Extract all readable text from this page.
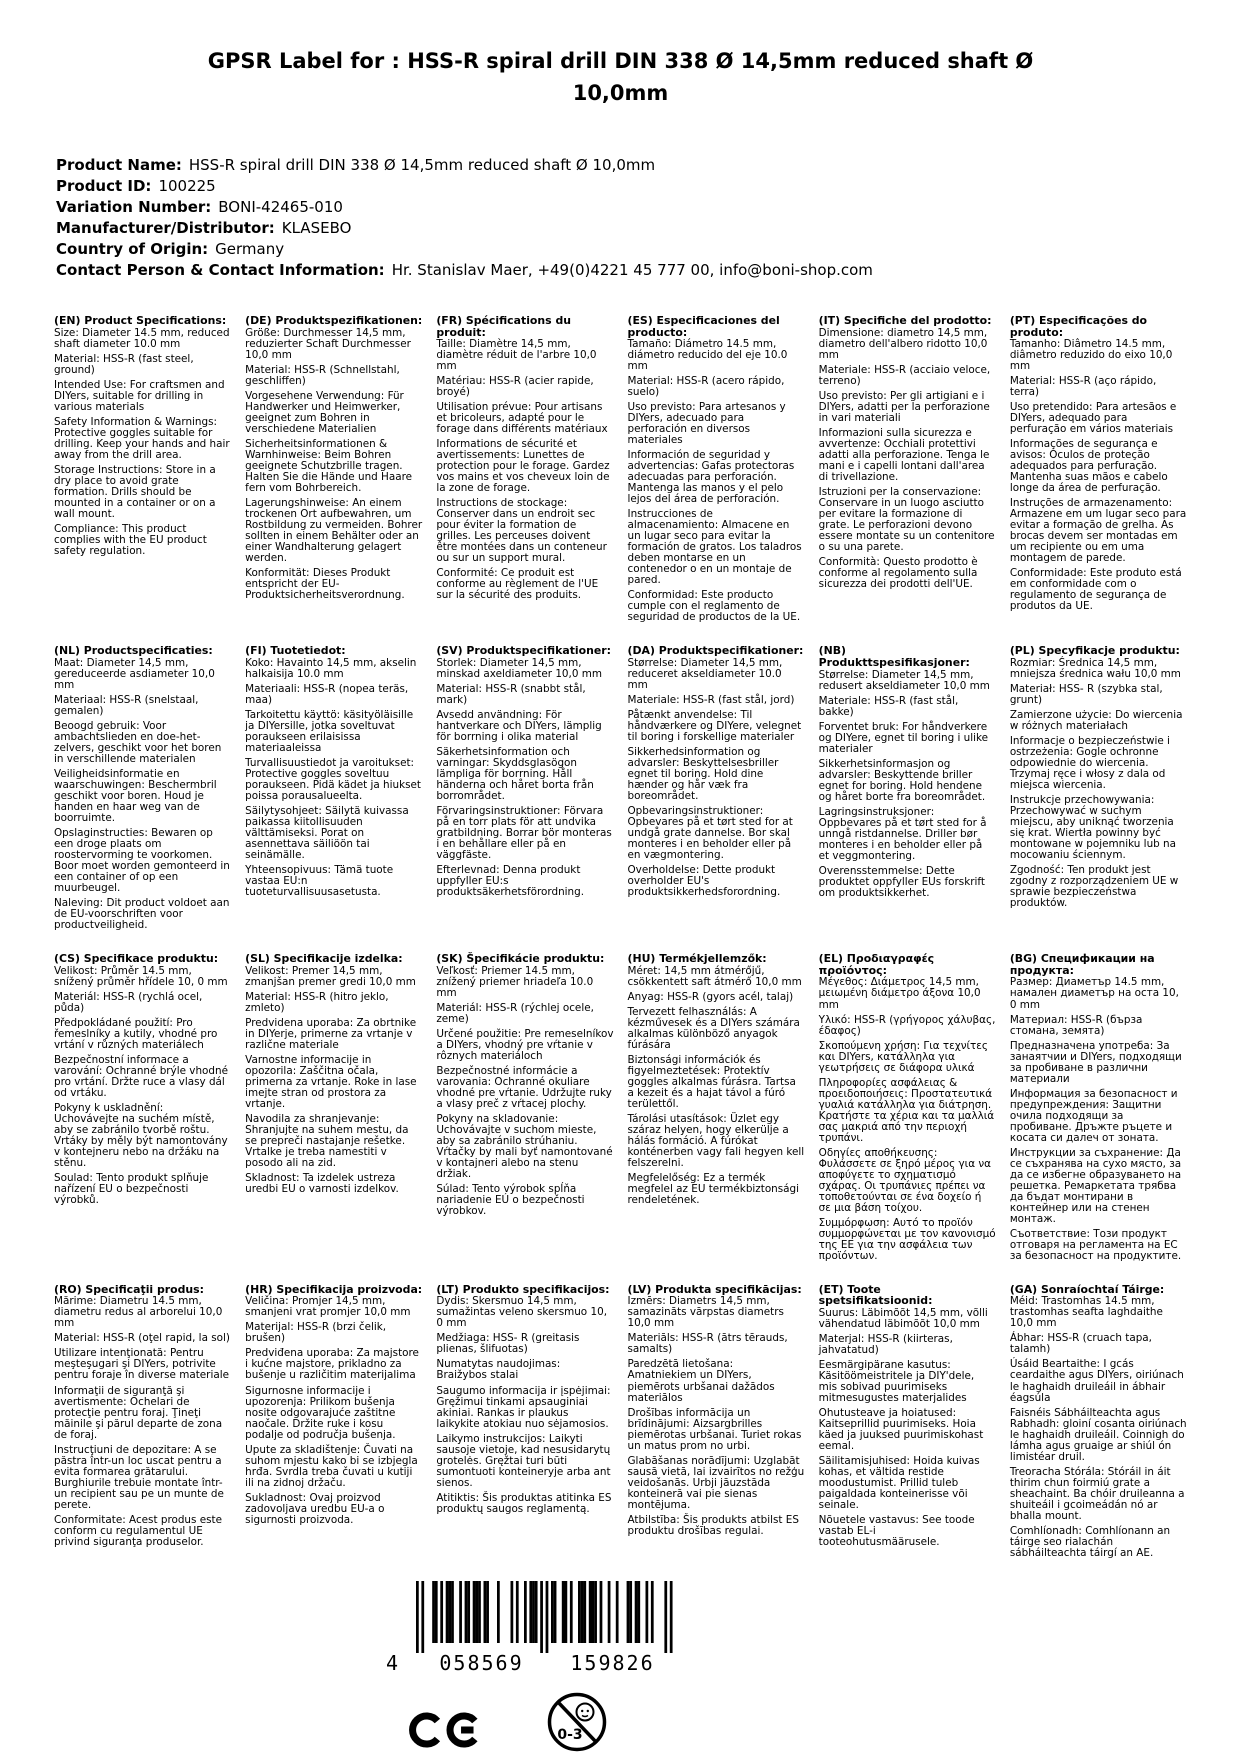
GPSR Label for : HSS-R spiral drill DIN 338 Ø 14,5mm reduced shaft Ø 10,0mm
Product Name: HSS-R spiral drill DIN 338 Ø 14,5mm reduced shaft Ø 10,0mm
Product ID: 100225
Variation Number: BONI-42465-010
Manufacturer/Distributor: KLASEBO
Country of Origin: Germany
Contact Person & Contact Information: Hr. Stanislav Maer, +49(0)4221 45 777 00, info@boni-shop.com
(EN) Product Specifications:

Size: Diameter 14.5 mm, reduced shaft diameter 10.0 mm

Material: HSS-R (fast steel, ground)

Intended Use: For craftsmen and DIYers, suitable for drilling in various materials

Safety Information & Warnings: Protective goggles suitable for drilling. Keep your hands and hair away from the drill area.

Storage Instructions: Store in a dry place to avoid grate formation. Drills should be mounted in a container or on a wall mount.

Compliance: This product complies with the EU product safety regulation.

(DE) Produktspezifikationen:

Größe: Durchmesser 14,5 mm, reduzierter Schaft Durchmesser 10,0 mm

Material: HSS-R (Schnellstahl, geschliffen)

Vorgesehene Verwendung: Für Handwerker und Heimwerker, geeignet zum Bohren in verschiedene Materialien

Sicherheitsinformationen & Warnhinweise: Beim Bohren geeignete Schutzbrille tragen. Halten Sie die Hände und Haare fern vom Bohrbereich.

Lagerungshinweise: An einem trockenen Ort aufbewahren, um Rostbildung zu vermeiden. Bohrer sollten in einem Behälter oder an einer Wandhalterung gelagert werden.

Konformität: Dieses Produkt entspricht der EU-Produktsicherheitsverordnung.

(FR) Spécifications du produit:

Taille: Diamètre 14,5 mm, diamètre réduit de l'arbre 10,0 mm

Matériau: HSS-R (acier rapide, broyé)

Utilisation prévue: Pour artisans et bricoleurs, adapté pour le forage dans différents matériaux

Informations de sécurité et avertissements: Lunettes de protection pour le forage. Gardez vos mains et vos cheveux loin de la zone de forage.

Instructions de stockage: Conserver dans un endroit sec pour éviter la formation de grilles. Les perceuses doivent être montées dans un conteneur ou sur un support mural.

Conformité: Ce produit est conforme au règlement de l'UE sur la sécurité des produits.

(ES) Especificaciones del producto:

Tamaño: Diámetro 14.5 mm, diámetro reducido del eje 10.0 mm

Material: HSS-R (acero rápido, suelo)

Uso previsto: Para artesanos y DIYers, adecuado para perforación en diversos materiales

Información de seguridad y advertencias: Gafas protectoras adecuadas para perforación. Mantenga las manos y el pelo lejos del área de perforación.

Instrucciones de almacenamiento: Almacene en un lugar seco para evitar la formación de gratos. Los taladros deben montarse en un contenedor o en un montaje de pared.

Conformidad: Este producto cumple con el reglamento de seguridad de productos de la UE.

(IT) Specifiche del prodotto:

Dimensione: diametro 14,5 mm, diametro dell'albero ridotto 10,0 mm

Materiale: HSS-R (acciaio veloce, terreno)

Uso previsto: Per gli artigiani e i DIYers, adatti per la perforazione in vari materiali

Informazioni sulla sicurezza e avvertenze: Occhiali protettivi adatti alla perforazione. Tenga le mani e i capelli lontani dall'area di trivellazione.

Istruzioni per la conservazione: Conservare in un luogo asciutto per evitare la formazione di grate. Le perforazioni devono essere montate su un contenitore o su una parete.

Conformità: Questo prodotto è conforme al regolamento sulla sicurezza dei prodotti dell'UE.

(PT) Especificações do produto:

Tamanho: Diâmetro 14.5 mm, diâmetro reduzido do eixo 10,0 mm

Material: HSS-R (aço rápido, terra)

Uso pretendido: Para artesãos e DIYers, adequado para perfuração em vários materiais

Informações de segurança e avisos: Óculos de proteção adequados para perfuração. Mantenha suas mãos e cabelo longe da área de perfuração.

Instruções de armazenamento: Armazene em um lugar seco para evitar a formação de grelha. As brocas devem ser montadas em um recipiente ou em uma montagem de parede.

Conformidade: Este produto está em conformidade com o regulamento de segurança de produtos da UE.

(NL) Productspecificaties:

Maat: Diameter 14,5 mm, gereduceerde asdiameter 10,0 mm

Materiaal: HSS-R (snelstaal, gemalen)

Beoogd gebruik: Voor ambachtslieden en doe-het-zelvers, geschikt voor het boren in verschillende materialen

Veiligheidsinformatie en waarschuwingen: Beschermbril geschikt voor boren. Houd je handen en haar weg van de boorruimte.

Opslaginstructies: Bewaren op een droge plaats om roostervorming te voorkomen. Boor moet worden gemonteerd in een container of op een muurbeugel.

Naleving: Dit product voldoet aan de EU-voorschriften voor productveiligheid.

(FI) Tuotetiedot:

Koko: Havainto 14,5 mm, akselin halkaisija 10.0 mm

Materiaali: HSS-R (nopea teräs, maa)

Tarkoitettu käyttö: käsityöläisille ja DIYersille, jotka soveltuvat poraukseen erilaisissa materiaaleissa

Turvallisuustiedot ja varoitukset: Protective goggles soveltuu poraukseen. Pidä kädet ja hiukset poissa porausalueelta.

Säilytysohjeet: Säilytä kuivassa paikassa kiitollisuuden välttämiseksi. Porat on asennettava säiliöön tai seinämälle.

Yhteensopivuus: Tämä tuote vastaa EU:n tuoteturvallisuusasetusta.

(SV) Produktspecifikationer:

Storlek: Diameter 14,5 mm, minskad axeldiameter 10,0 mm

Material: HSS-R (snabbt stål, mark)

Avsedd användning: För hantverkare och DIYers, lämplig för borrning i olika material

Säkerhetsinformation och varningar: Skyddsglasögon lämpliga för borrning. Håll händerna och håret borta från borrområdet.

Förvaringsinstruktioner: Förvara på en torr plats för att undvika gratbildning. Borrar bör monteras i en behållare eller på en väggfäste.

Efterlevnad: Denna produkt uppfyller EU:s produktsäkerhetsförordning.

(DA) Produktspecifikationer:

Størrelse: Diameter 14,5 mm, reduceret akseldiameter 10.0 mm

Materiale: HSS-R (fast stål, jord)

Påtænkt anvendelse: Til håndværkere og DIYere, velegnet til boring i forskellige materialer

Sikkerhedsinformation og advarsler: Beskyttelsesbriller egnet til boring. Hold dine hænder og hår væk fra boreområdet.

Opbevaringsinstruktioner: Opbevares på et tørt sted for at undgå grate dannelse. Bor skal monteres i en beholder eller på en vægmontering.

Overholdelse: Dette produkt overholder EU's produktsikkerhedsforordning.

(NB) Produkttspesifikasjoner:

Størrelse: Diameter 14,5 mm, redusert akseldiameter 10,0 mm

Materiale: HSS-R (fast stål, bakke)

Forventet bruk: For håndverkere og DIYere, egnet til boring i ulike materialer

Sikkerhetsinformasjon og advarsler: Beskyttende briller egnet for boring. Hold hendene og håret borte fra boreområdet.

Lagringsinstruksjoner: Oppbevares på et tørt sted for å unngå ristdannelse. Driller bør monteres i en beholder eller på et veggmontering.

Overensstemmelse: Dette produktet oppfyller EUs forskrift om produktsikkerhet.

(PL) Specyfikacje produktu:

Rozmiar: Średnica 14,5 mm, mniejsza średnica wału 10,0 mm

Materiał: HSS- R (szybka stal, grunt)

Zamierzone użycie: Do wiercenia w różnych materiałach

Informacje o bezpieczeństwie i ostrzeżenia: Gogle ochronne odpowiednie do wiercenia. Trzymaj ręce i włosy z dala od miejsca wiercenia.

Instrukcje przechowywania: Przechowywać w suchym miejscu, aby uniknąć tworzenia się krat. Wiertła powinny być montowane w pojemniku lub na mocowaniu ściennym.

Zgodność: Ten produkt jest zgodny z rozporządzeniem UE w sprawie bezpieczeństwa produktów.

(CS) Specifikace produktu:

Velikost: Průměr 14.5 mm, snížený průměr hřídele 10, 0 mm

Materiál: HSS-R (rychlá ocel, půda)

Předpokládané použití: Pro řemeslníky a kutily, vhodné pro vrtání v různých materiálech

Bezpečnostní informace a varování: Ochranné brýle vhodné pro vrtání. Držte ruce a vlasy dál od vrtáku.

Pokyny k uskladnění: Uchovávejte na suchém místě, aby se zabránilo tvorbě roštu. Vrtáky by měly být namontovány v kontejneru nebo na držáku na stěnu.

Soulad: Tento produkt splňuje nařízení EU o bezpečnosti výrobků.

(SL) Specifikacije izdelka:

Velikost: Premer 14,5 mm, zmanjšan premer gredi 10,0 mm

Material: HSS-R (hitro jeklo, zmleto)

Predvidena uporaba: Za obrtnike in DIYerje, primerne za vrtanje v različne materiale

Varnostne informacije in opozorila: Zaščitna očala, primerna za vrtanje. Roke in lase imejte stran od prostora za vrtanje.

Navodila za shranjevanje: Shranjujte na suhem mestu, da se prepreči nastajanje rešetke. Vrtalke je treba namestiti v posodo ali na zid.

Skladnost: Ta izdelek ustreza uredbi EU o varnosti izdelkov.

(SK) Špecifikácie produktu:

Veľkosť: Priemer 14.5 mm, znížený priemer hriadeľa 10.0 mm

Materiál: HSS-R (rýchlej ocele, zeme)

Určené použitie: Pre remeselníkov a DIYers, vhodný pre vŕtanie v rôznych materiáloch

Bezpečnostné informácie a varovania: Ochranné okuliare vhodné pre vŕtanie. Udržujte ruky a vlasy preč z vŕtacej plochy.

Pokyny na skladovanie: Uchovávajte v suchom mieste, aby sa zabránilo strúhaniu. Vŕtačky by mali byť namontované v kontajneri alebo na stenu držiak.

Súlad: Tento výrobok spĺňa nariadenie EÚ o bezpečnosti výrobkov.

(HU) Termékjellemzők:

Méret: 14,5 mm átmérőjű, csökkentett saft átmérő 10,0 mm

Anyag: HSS-R (gyors acél, talaj)

Tervezett felhasználás: A kézművesek és a DIYers számára alkalmas különböző anyagok fúrására

Biztonsági információk és figyelmeztetések: Protektív goggles alkalmas fúrásra. Tartsa a kezeit és a hajat távol a fúró területtől.

Tárolási utasítások: Üzlet egy száraz helyen, hogy elkerülje a hálás formáció. A fúrókat konténerben vagy fali hegyen kell felszerelni.

Megfelelőség: Ez a termék megfelel az EU termékbiztonsági rendeletének.

(EL) Προδιαγραφές προϊόντος:

Μέγεθος: Διάμετρος 14,5 mm, μειωμένη διάμετρο άξονα 10,0 mm

Υλικό: HSS-R (γρήγορος χάλυβας, έδαφος)

Σκοπούμενη χρήση: Για τεχνίτες και DIYers, κατάλληλα για γεωτρήσεις σε διάφορα υλικά

Πληροφορίες ασφάλειας & προειδοποιήσεις: Προστατευτικά γυαλιά κατάλληλα για διάτρηση. Κρατήστε τα χέρια και τα μαλλιά σας μακριά από την περιοχή τρυπάνι.

Οδηγίες αποθήκευσης: Φυλάσσετε σε ξηρό μέρος για να αποφύγετε το σχηματισμό σχάρας. Οι τρυπάνιες πρέπει να τοποθετούνται σε ένα δοχείο ή σε μια βάση τοίχου.

Συμμόρφωση: Αυτό το προϊόν συμμορφώνεται με τον κανονισμό της ΕΕ για την ασφάλεια των προϊόντων.

(BG) Спецификации на продукта:

Размер: Диаметър 14.5 mm, намален диаметър на оста 10, 0 mm

Материал: HSS-R (бърза стомана, земята)

Предназначена употреба: За занаятчии и DIYers, подходящи за пробиване в различни материали

Информация за безопасност и предупреждения: Защитни очила подходящи за пробиване. Дръжте ръцете и косата си далеч от зоната.

Инструкции за съхранение: Да се съхранява на сухо място, за да се избегне образуването на решетка. Ремаркетата трябва да бъдат монтирани в контейнер или на стенен монтаж.

Съответствие: Този продукт отговаря на регламента на ЕС за безопасност на продуктите.

(RO) Specificaţii produs:

Mărime: Diametru 14.5 mm, diametru redus al arborelui 10,0 mm

Material: HSS-R (oţel rapid, la sol)

Utilizare intenţionată: Pentru meşteşugari şi DIYers, potrivite pentru foraje în diverse materiale

Informaţii de siguranţă şi avertismente: Ochelari de protecţie pentru foraj. Ţineţi măinile şi părul departe de zona de foraj.

Instrucţiuni de depozitare: A se păstra într-un loc uscat pentru a evita formarea grătarului. Burghiurile trebuie montate într-un recipient sau pe un munte de perete.

Conformitate: Acest produs este conform cu regulamentul UE privind siguranţa produselor.

(HR) Specifikacija proizvoda:

Veličina: Promjer 14,5 mm, smanjeni vrat promjer 10,0 mm

Materijal: HSS-R (brzi čelik, brušen)

Predviđena uporaba: Za majstore i kućne majstore, prikladno za bušenje u različitim materijalima

Sigurnosne informacije i upozorenja: Prilikom bušenja nosite odgovarajuće zaštitne naočale. Držite ruke i kosu podalje od područja bušenja.

Upute za skladištenje: Čuvati na suhom mjestu kako bi se izbjegla hrđa. Svrdla treba čuvati u kutiji ili na zidnoj držaču.

Sukladnost: Ovaj proizvod zadovoljava uredbu EU-a o sigurnosti proizvoda.

(LT) Produkto specifikacijos:

Dydis: Skersmuo 14,5 mm, sumažintas veleno skersmuo 10, 0 mm

Medžiaga: HSS- R (greitasis plienas, šlifuotas)

Numatytas naudojimas: Braižybos stalai

Saugumo informacija ir įspėjimai: Gręžimui tinkami apsauginiai akiniai. Rankas ir plaukus laikykite atokiau nuo sėjamosios.

Laikymo instrukcijos: Laikyti sausoje vietoje, kad nesusidarytų grotelės. Gręžtai turi būti sumontuoti konteineryje arba ant sienos.

Atitiktis: Šis produktas atitinka ES produktų saugos reglamentą.

(LV) Produkta specifikācijas:

Izmērs: Diametrs 14,5 mm, samazināts vārpstas diametrs 10,0 mm

Materiāls: HSS-R (ātrs tērauds, samalts)

Paredzētā lietošana: Amatniekiem un DIYers, piemērots urbšanai dažādos materiālos

Drošības informācija un brīdinājumi: Aizsargbrilles piemērotas urbšanai. Turiet rokas un matus prom no urbi.

Glabāšanas norādījumi: Uzglabāt sausā vietā, lai izvairītos no režģu veidošanās. Urbji jāuzstāda konteinerā vai pie sienas montējuma.

Atbilstība: Šis produkts atbilst ES produktu drošības regulai.

(ET) Toote spetsifikatsioonid:

Suurus: Läbimõõt 14,5 mm, võlli vähendatud läbimõõt 10,0 mm

Materjal: HSS-R (kiirteras, jahvatatud)

Eesmärgipärane kasutus: Käsitöömeistritele ja DIY'dele, mis sobivad puurimiseks mitmesugustes materjalides

Ohutusteave ja hoiatused: Kaitseprillid puurimiseks. Hoia käed ja juuksed puurimiskohast eemal.

Säilitamisjuhised: Hoida kuivas kohas, et vältida restide moodustumist. Prillid tuleb paigaldada konteinerisse või seinale.

Nõuetele vastavus: See toode vastab EL-i tooteohutusmäärusele.

(GA) Sonraíochtaí Táirge:

Méid: Trastomhas 14.5 mm, trastomhas seafta laghdaithe 10,0 mm

Ábhar: HSS-R (cruach tapa, talamh)

Úsáid Beartaithe: I gcás ceardaithe agus DIYers, oiriúnach le haghaidh druileáil in ábhair éagsúla

Faisnéis Sábháilteachta agus Rabhadh: gloiní cosanta oiriúnach le haghaidh druileáil. Coinnigh do lámha agus gruaige ar shiúl ón limistéar druil.

Treoracha Stórála: Stóráil in áit thirim chun foirmiú grate a sheachaint. Ba chóir druileanna a shuiteáil i gcoimeádán nó ar bhalla mount.

Comhlíonadh: Comhlíonann an táirge seo rialachán sábháilteachta táirgí an AE.

4	058569	159826
0-3
